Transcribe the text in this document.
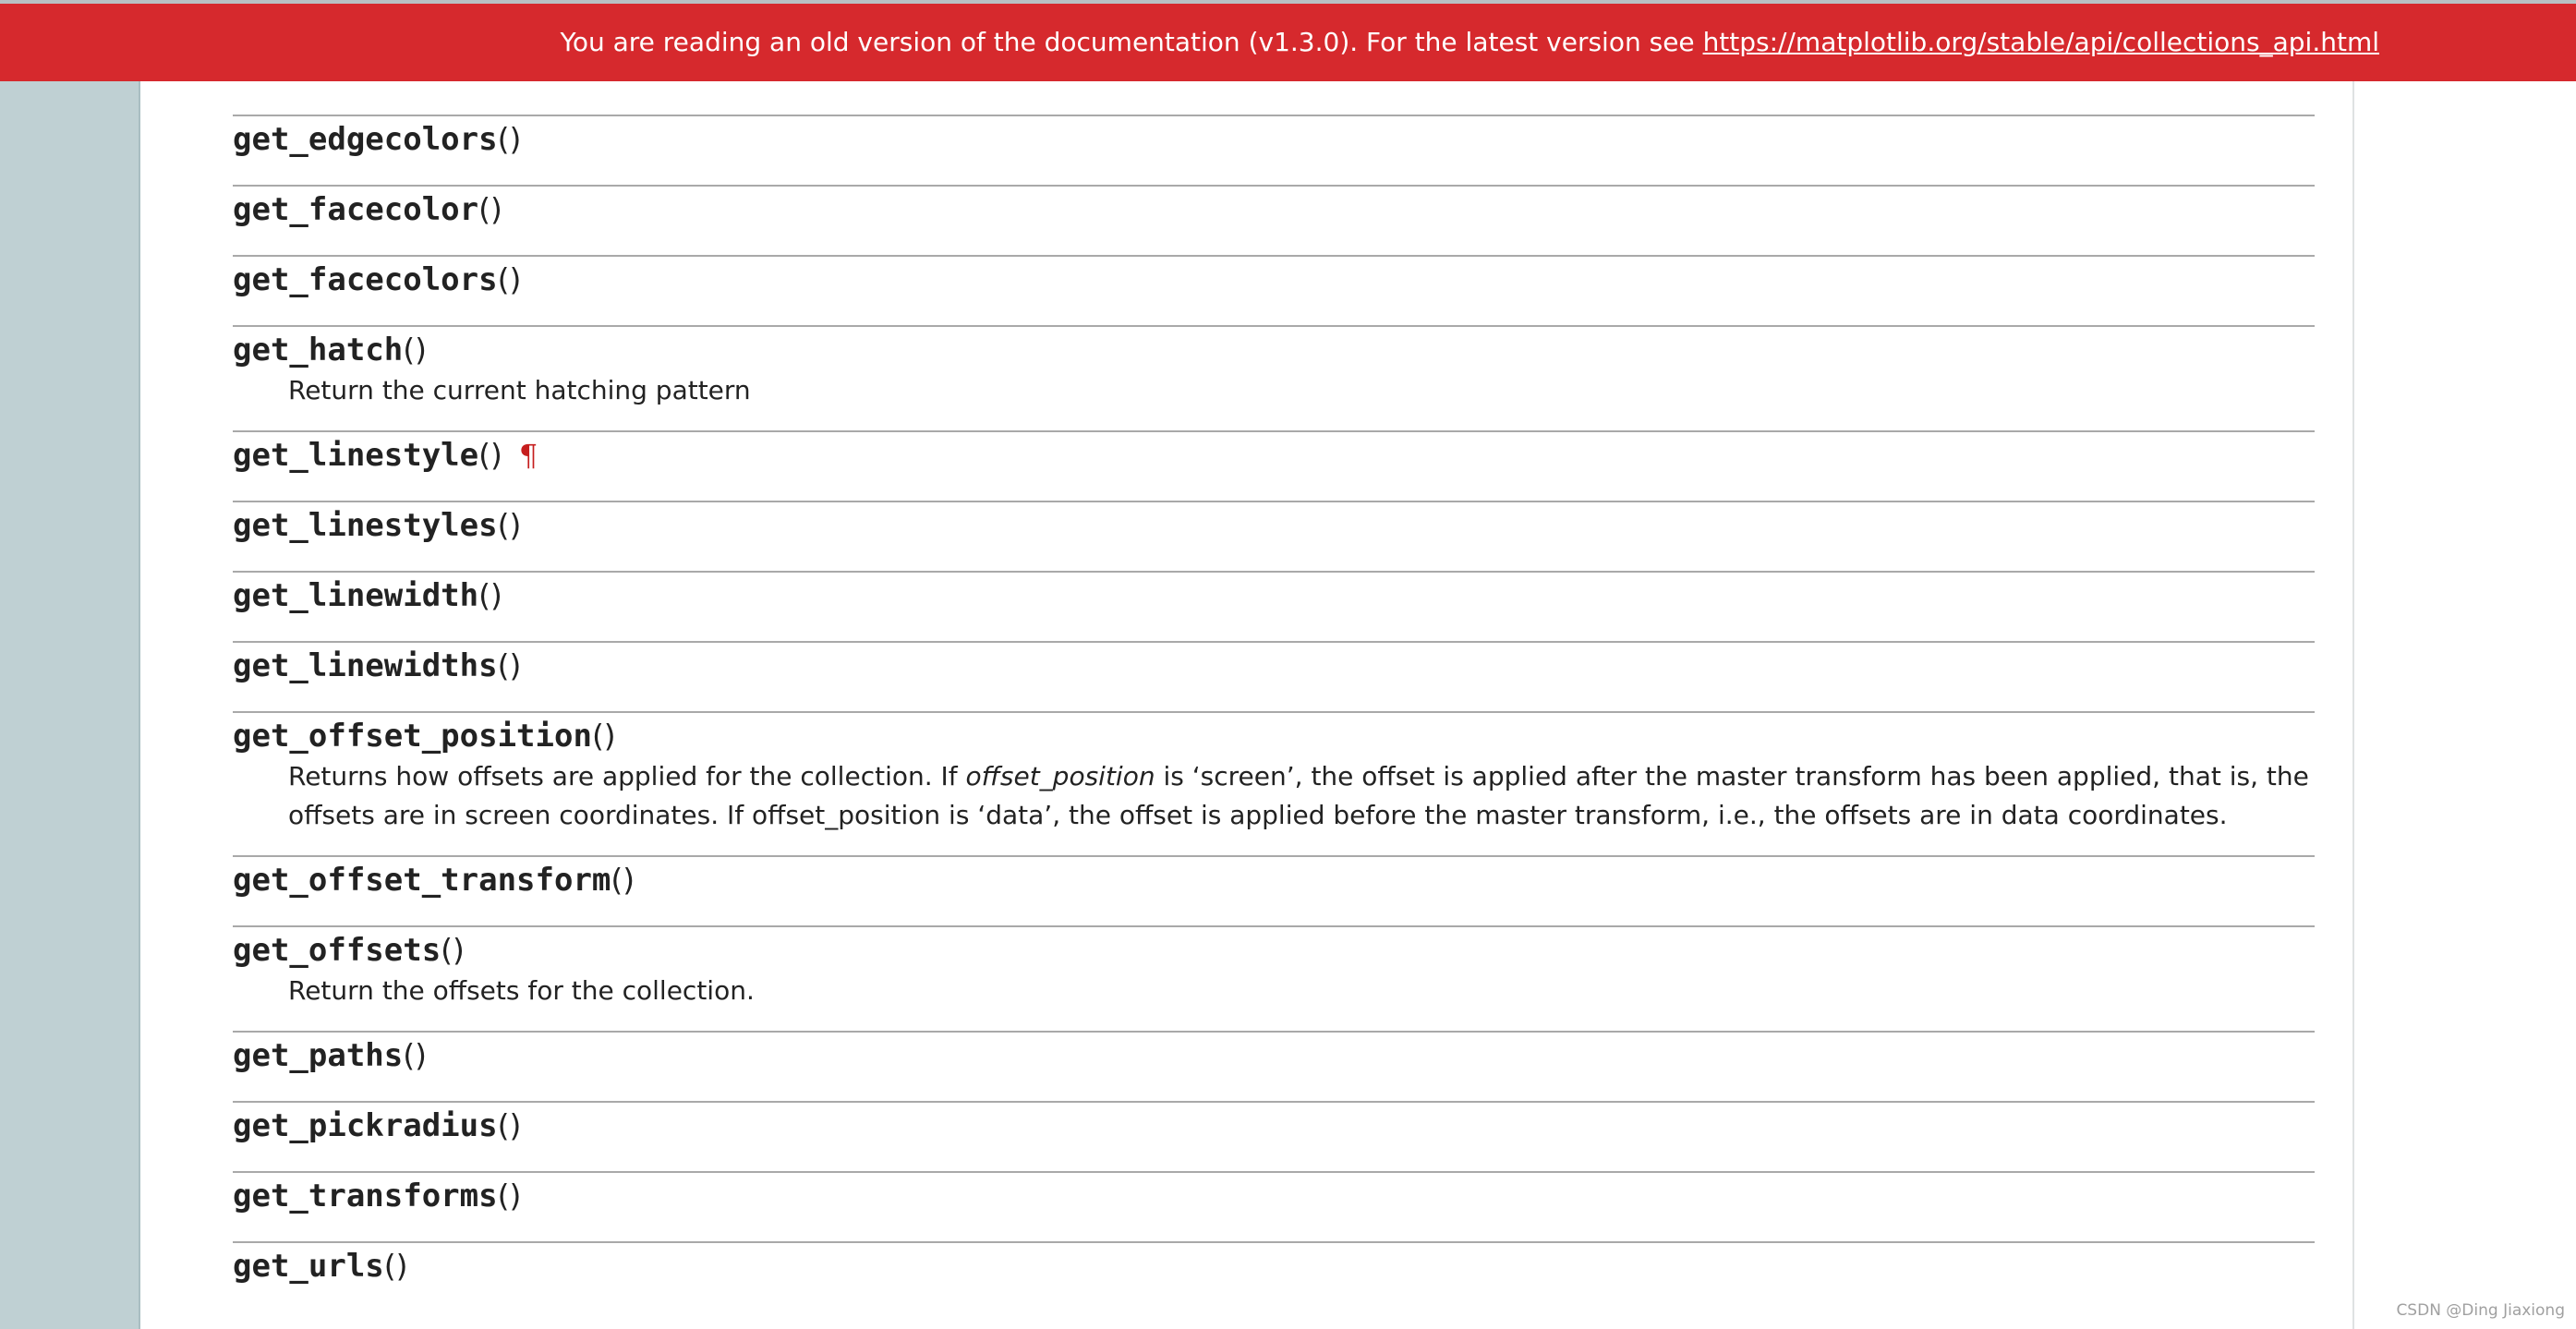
You are reading an old version of the documentation (v1.3.0). For the latest version see https://matplotlib.org/stable/api/collections_api.html
get_edgecolors()
get_facecolor()
get_facecolors()
get_hatch()
Return the current hatching pattern
get_linestyle() ¶
get_linestyles()
get_linewidth()
get_linewidths()
get_offset_position()
Returns how offsets are applied for the collection. If offset_position is ‘screen’, the offset is applied after the master transform has been applied, that is, the offsets are in screen coordinates. If offset_position is ‘data’, the offset is applied before the master transform, i.e., the offsets are in data coordinates.
get_offset_transform()
get_offsets()
Return the offsets for the collection.
get_paths()
get_pickradius()
get_transforms()
get_urls()
CSDN @Ding Jiaxiong
